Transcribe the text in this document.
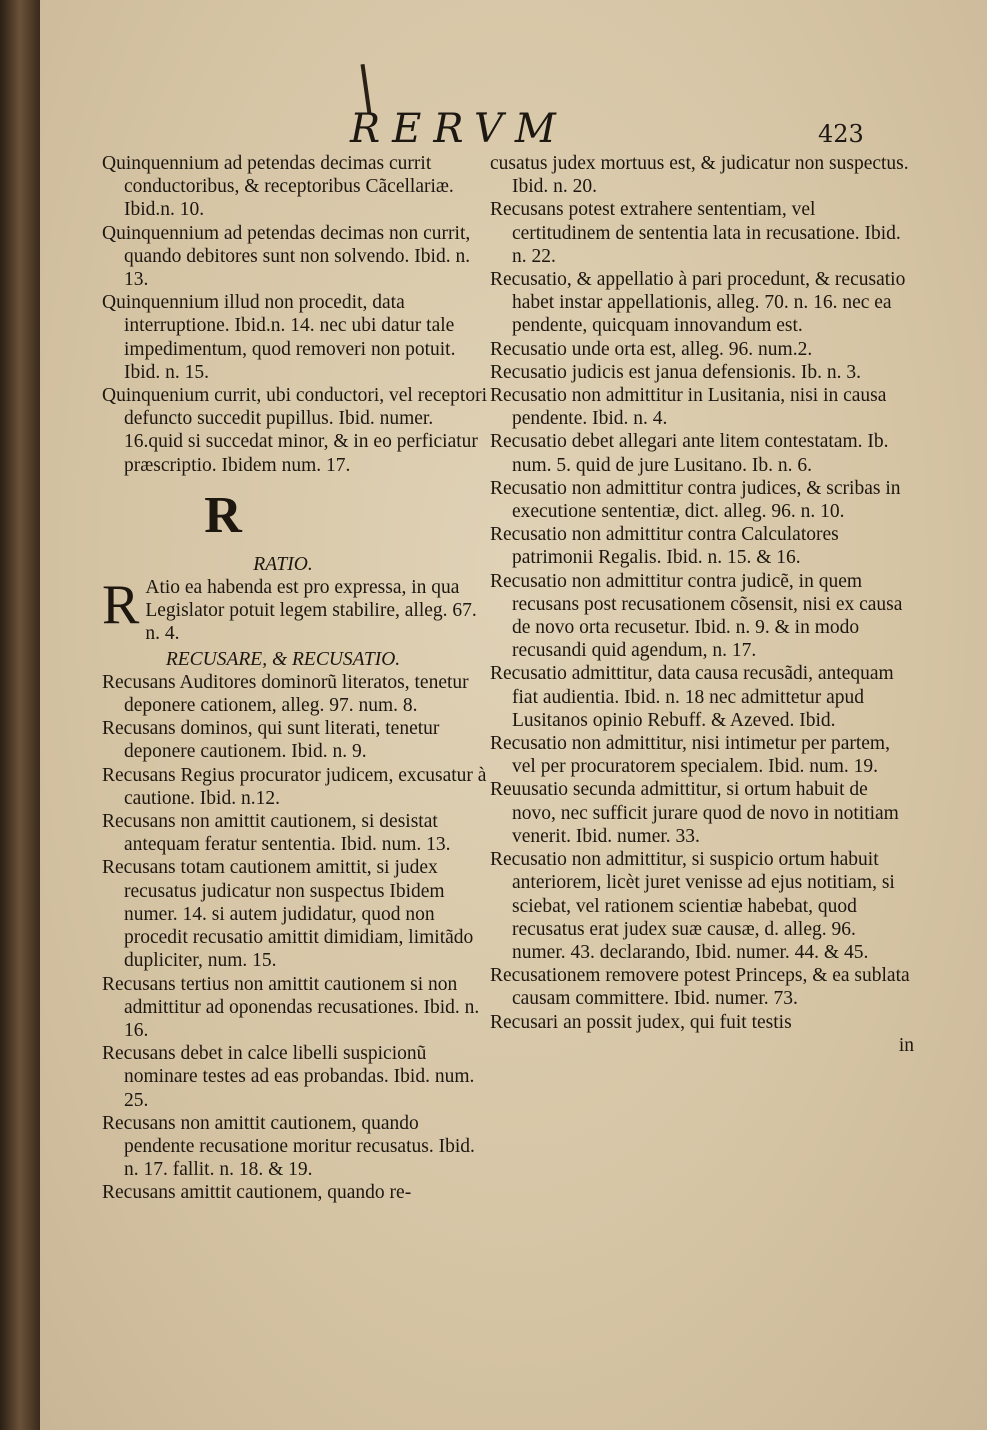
RERVM	423

Quinquennium ad petendas decimas currit conductoribus, & receptoribus Cãcellariæ. Ibid.n. 10.

Quinquennium ad petendas decimas non currit, quando debitores sunt non solvendo. Ibid. n. 13.

Quinquennium illud non procedit, data interruptione. Ibid.n. 14. nec ubi datur tale impedimentum, quod removeri non potuit. Ibid. n. 15.

Quinquenium currit, ubi conductori, vel receptori defuncto succedit pupillus. Ibid. numer. 16.quid si succedat minor, & in eo perficiatur præscriptio. Ibidem num. 17.

R

RATIO.

R Atio ea habenda est pro expressa, in qua Legislator potuit legem stabilire, alleg. 67. n. 4.

RECUSARE, & RECUSATIO.

Recusans Auditores dominorũ literatos, tenetur deponere cationem, alleg. 97. num. 8.

Recusans dominos, qui sunt literati, tenetur deponere cautionem. Ibid. n. 9.

Recusans Regius procurator judicem, excusatur à cautione. Ibid. n.12.

Recusans non amittit cautionem, si desistat antequam feratur sententia. Ibid. num. 13.

Recusans totam cautionem amittit, si judex recusatus judicatur non suspectus Ibidem numer. 14. si autem judidatur, quod non procedit recusatio amittit dimidiam, limitãdo dupliciter, num. 15.

Recusans tertius non amittit cautionem si non admittitur ad oponendas recusationes. Ibid. n. 16.

Recusans debet in calce libelli suspicionũ nominare testes ad eas probandas. Ibid. num. 25.

Recusans non amittit cautionem, quando pendente recusatione moritur recusatus. Ibid. n. 17. fallit. n. 18. & 19.

Recusans amittit cautionem, quando re-

cusatus judex mortuus est, & judicatur non suspectus. Ibid. n. 20.

Recusans potest extrahere sententiam, vel certitudinem de sententia lata in recusatione. Ibid. n. 22.

Recusatio, & appellatio à pari procedunt, & recusatio habet instar appellationis, alleg. 70. n. 16. nec ea pendente, quicquam innovandum est.

Recusatio unde orta est, alleg. 96. num.2.

Recusatio judicis est janua defensionis. Ib. n. 3.

Recusatio non admittitur in Lusitania, nisi in causa pendente. Ibid. n. 4.

Recusatio debet allegari ante litem contestatam. Ib. num. 5. quid de jure Lusitano. Ib. n. 6.

Recusatio non admittitur contra judices, & scribas in executione sententiæ, dict. alleg. 96. n. 10.

Recusatio non admittitur contra Calculatores patrimonii Regalis. Ibid. n. 15. & 16.

Recusatio non admittitur contra judicẽ, in quem recusans post recusationem cõsensit, nisi ex causa de novo orta recusetur. Ibid. n. 9. & in modo recusandi quid agendum, n. 17.

Recusatio admittitur, data causa recusãdi, antequam fiat audientia. Ibid. n. 18 nec admittetur apud Lusitanos opinio Rebuff. & Azeved. Ibid.

Recusatio non admittitur, nisi intimetur per partem, vel per procuratorem specialem. Ibid. num. 19.

Reuusatio secunda admittitur, si ortum habuit de novo, nec sufficit jurare quod de novo in notitiam venerit. Ibid. numer. 33.

Recusatio non admittitur, si suspicio ortum habuit anteriorem, licèt juret venisse ad ejus notitiam, si sciebat, vel rationem scientiæ habebat, quod recusatus erat judex suæ causæ, d. alleg. 96. numer. 43. declarando, Ibid. numer. 44. & 45.

Recusationem removere potest Princeps, & ea sublata causam committere. Ibid. numer. 73.

Recusari an possit judex, qui fuit testis

in
